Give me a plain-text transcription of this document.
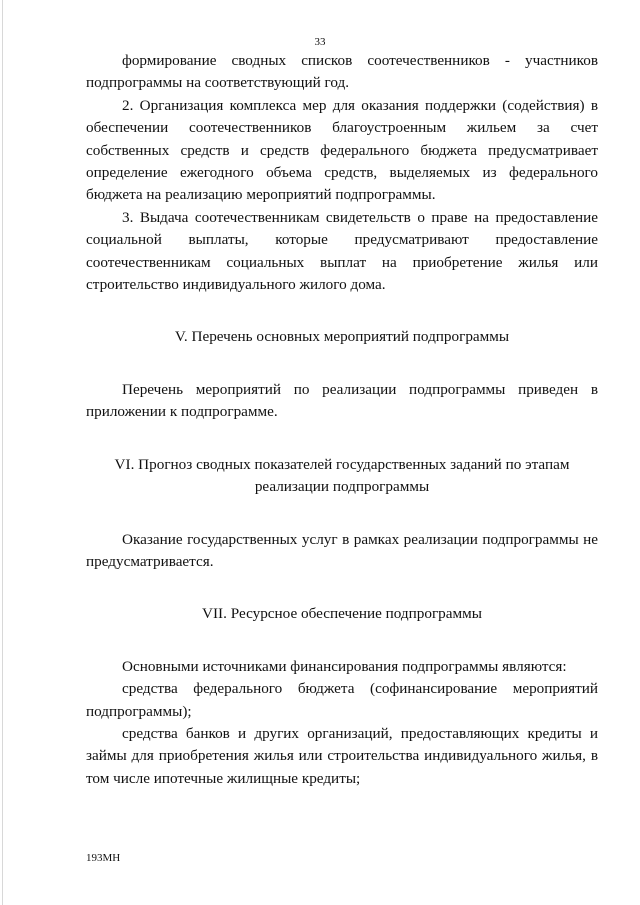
33

формирование сводных списков соотечественников - участников подпрограммы на соответствующий год.

2. Организация комплекса мер для оказания поддержки (содействия) в обеспечении соотечественников благоустроенным жильем за счет собственных средств и средств федерального бюджета предусматривает определение ежегодного объема средств, выделяемых из федерального бюджета на реализацию мероприятий подпрограммы.

3. Выдача соотечественникам свидетельств о праве на предоставление социальной выплаты, которые предусматривают предоставление соотечественникам социальных выплат на приобретение жилья или строительство индивидуального жилого дома.

V. Перечень основных мероприятий подпрограммы

Перечень мероприятий по реализации подпрограммы приведен в приложении к подпрограмме.

VI. Прогноз сводных показателей государственных заданий по этапам

реализации подпрограммы

Оказание государственных услуг в рамках реализации подпрограммы не предусматривается.

VII. Ресурсное обеспечение подпрограммы

Основными источниками финансирования подпрограммы являются:

средства федерального бюджета (софинансирование мероприятий подпрограммы);

средства банков и других организаций, предоставляющих кредиты и займы для приобретения жилья или строительства индивидуального жилья, в том числе ипотечные жилищные кредиты;

193МН
